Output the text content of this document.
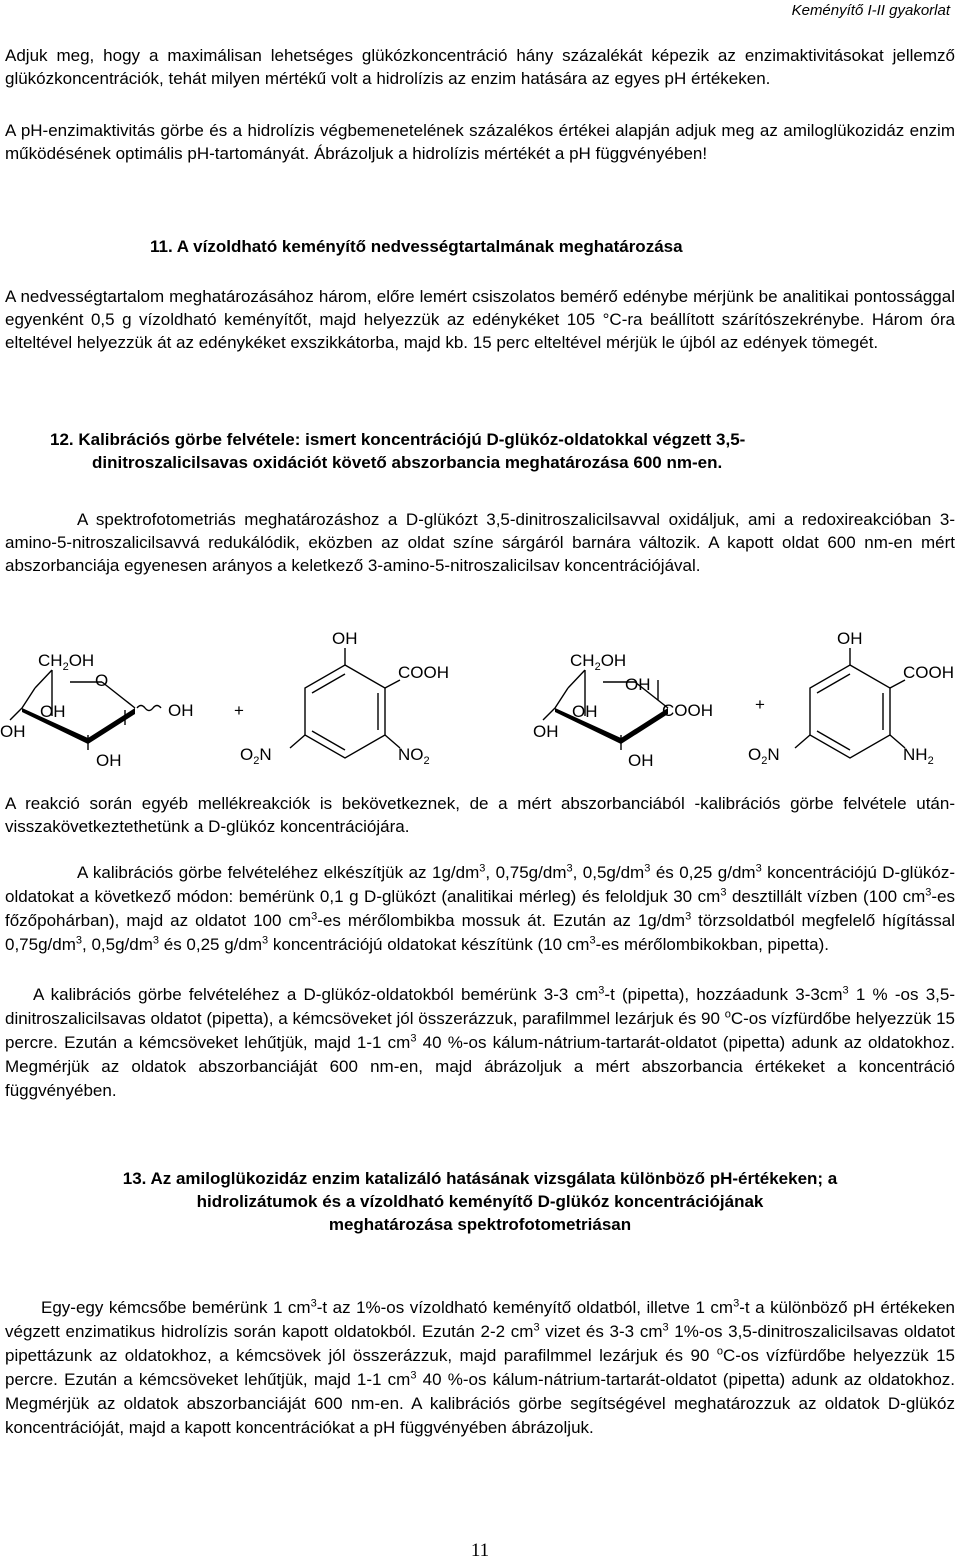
Keményítő I-II gyakorlat
Adjuk meg, hogy a maximálisan lehetséges glükózkoncentráció hány százalékát képezik az enzimaktivitásokat jellemző glükózkoncentrációk, tehát milyen mértékű volt a hidrolízis az enzim hatására az egyes pH értékeken.
A pH-enzimaktivitás görbe és a hidrolízis végbemenetelének százalékos értékei alapján adjuk meg az amiloglükozidáz enzim működésének optimális pH-tartományát. Ábrázoljuk a hidrolízis mértékét a pH függvényében!
11. A vízoldható keményítő nedvességtartalmának meghatározása
A nedvességtartalom meghatározásához három, előre lemért csiszolatos bemérő edénybe mérjünk be analitikai pontossággal egyenként 0,5 g vízoldható keményítőt, majd helyezzük az edénykéket 105 °C-ra beállított szárítószekrénybe. Három óra elteltével helyezzük át az edénykéket exszikkátorba, majd kb. 15 perc elteltével mérjük le újból az edények tömegét.
12. Kalibrációs görbe felvétele: ismert koncentrációjú D-glükóz-oldatokkal végzett 3,5-
dinitroszalicilsavas oxidációt követő abszorbancia meghatározása 600 nm-en.
A spektrofotometriás meghatározáshoz a D-glükózt 3,5-dinitroszalicilsavval oxidáljuk, ami a redoxireakcióban 3-amino-5-nitroszalicilsavvá redukálódik, eközben az oldat színe sárgáról barnára változik. A kapott oldat 600 nm-en mért abszorbanciája egyenesen arányos a keletkező 3-amino-5-nitroszalicilsav koncentrációjával.
$CH_2OH$
O
OH
OH
OH
OH +
OH
COOH
$O_2N$	$NO_2$
$CH_2OH$
OH
OH
OH
OH
COOH +
OH
COOH
$O_2N$	$NH_2$
A reakció során egyéb mellékreakciók is bekövetkeznek, de a mért abszorbanciából -kalibrációs görbe felvétele után- visszakövetkeztethetünk a D-glükóz koncentrációjára.
A kalibrációs görbe felvételéhez elkészítjük az $1g/dm^3$, $0,75g/dm^3$, $0,5g/dm^3$ és 0,25 $g/dm^3$ koncentrációjú D-glükóz-oldatokat a következő módon: bemérünk 0,1 g D-glükózt (analitikai mérleg) és feloldjuk 30 $cm^3$ desztillált vízben (100 $cm^3-es$ főzőpohárban), majd az oldatot 100 $cm^3-es$ mérőlombikba mossuk át. Ezután az $1g/dm^3$ törzsoldatból megfelelő hígítással $0,75g/dm^3$, $0,5g/dm^3$ és 0,25 $g/dm^3$ koncentrációjú oldatokat készítünk (10 $cm^3-es$ mérőlombikokban, pipetta).
A kalibrációs görbe felvételéhez a D-glükóz-oldatokból bemérünk 3-3 $cm^3-t$ (pipetta), hozzáadunk $3-3cm^3$ 1 % -os 3,5-dinitroszalicilsavas oldatot (pipetta), a kémcsöveket jól összerázzuk, parafilmmel lezárjuk és 90 $^o$C-os vízfürdőbe helyezzük 15 percre. Ezután a kémcsöveket lehűtjük, majd 1-1 $cm^3$ 40 %-os kálum-nátrium-tartarát-oldatot (pipetta) adunk az oldatokhoz. Megmérjük az oldatok abszorbanciáját 600 nm-en, majd ábrázoljuk a mért abszorbancia értékeket a koncentráció függvényében.
13. Az amiloglükozidáz enzim katalizáló hatásának vizsgálata különböző pH-értékeken; a
hidrolizátumok és a vízoldható keményítő D-glükóz koncentrációjának
meghatározása spektrofotometriásan
Egy-egy kémcsőbe bemérünk 1 $cm^3-t$ az 1%-os vízoldható keményítő oldatból, illetve 1 $cm^3-t$ a különböző pH értékeken végzett enzimatikus hidrolízis során kapott oldatokból. Ezután 2-2 $cm^3$ vizet és 3-3 $cm^3$ 1%-os 3,5-dinitroszalicilsavas oldatot pipettázunk az oldatokhoz, a kémcsövek jól összerázzuk, majd parafilmmel lezárjuk és 90 $^o$C-os vízfürdőbe helyezzük 15 percre. Ezután a kémcsöveket lehűtjük, majd 1-1 $cm^3$ 40 %-os kálum-nátrium-tartarát-oldatot (pipetta) adunk az oldatokhoz. Megmérjük az oldatok abszorbanciáját 600 nm-en. A kalibrációs görbe segítségével meghatározzuk az oldatok D-glükóz koncentrációját, majd a kapott koncentrációkat a pH függvényében ábrázoljuk.
11
